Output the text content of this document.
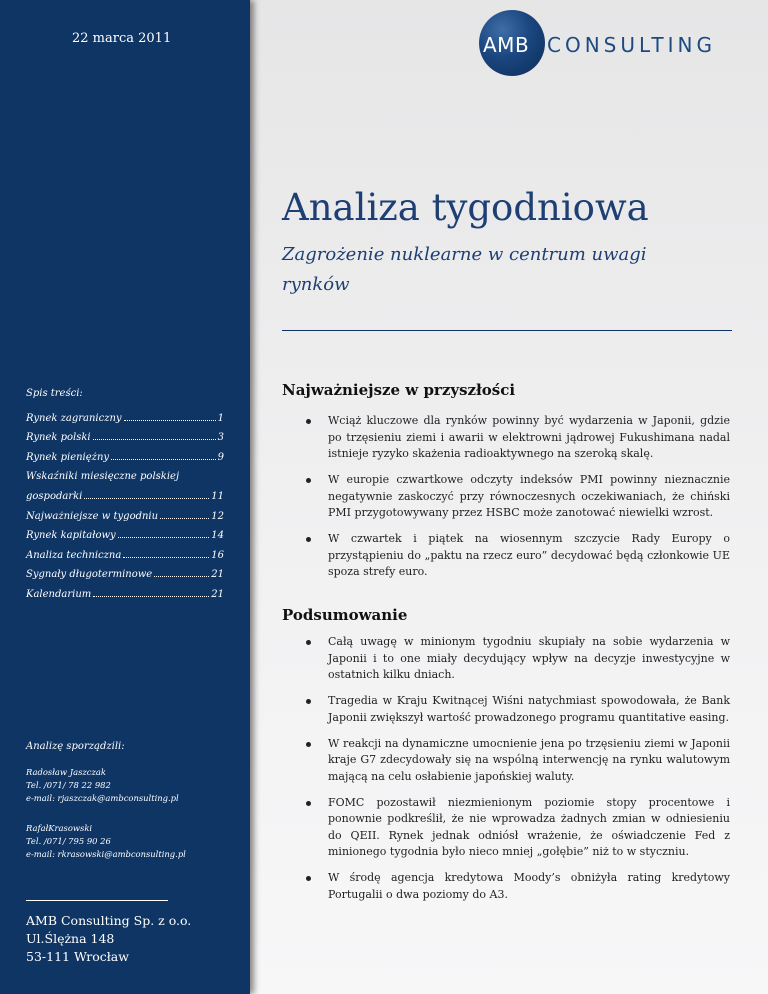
22 marca 2011
Spis treści:
Rynek zagraniczny	1
Rynek polski	3
Rynek pieniężny	9
Wskaźniki miesięczne polskiej
gospodarki	11
Najważniejsze w tygodniu	12
Rynek kapitałowy	14
Analiza techniczna	16
Sygnały długoterminowe	21
Kalendarium	21
Analizę sporządzili:
Radosław Jaszczak
Tel. /071/ 78 22 982
e-mail: rjaszczak@ambconsulting.pl
RafałKrasowski
Tel. /071/ 795 90 26
e-mail: rkrasowski@ambconsulting.pl
AMB Consulting Sp. z o.o.
Ul.Ślężna 148
53-111 Wrocław
AMB CONSULTING
Analiza tygodniowa
Zagrożenie nuklearne w centrum uwagi rynków
Najważniejsze w przyszłości
Wciąż kluczowe dla rynków powinny być wydarzenia w Japonii, gdzie po trzęsieniu ziemi i awarii w elektrowni jądrowej Fukushimana nadal istnieje ryzyko skażenia radioaktywnego na szeroką skalę.
W europie czwartkowe odczyty indeksów PMI powinny nieznacznie negatywnie zaskoczyć przy równoczesnych oczekiwaniach, że chiński PMI przygotowywany przez HSBC może zanotować niewielki wzrost.
W czwartek i piątek na wiosennym szczycie Rady Europy o przystąpieniu do „paktu na rzecz euro” decydować będą członkowie UE spoza strefy euro.
Podsumowanie
Całą uwagę w minionym tygodniu skupiały na sobie wydarzenia w Japonii i to one miały decydujący wpływ na decyzje inwestycyjne w ostatnich kilku dniach.
Tragedia w Kraju Kwitnącej Wiśni natychmiast spowodowała, że Bank Japonii zwiększył wartość prowadzonego programu quantitative easing.
W reakcji na dynamiczne umocnienie jena po trzęsieniu ziemi w Japonii kraje G7 zdecydowały się na wspólną interwencję na rynku walutowym mającą na celu osłabienie japońskiej waluty.
FOMC pozostawił niezmienionym poziomie stopy procentowe i ponownie podkreślił, że nie wprowadza żadnych zmian w odniesieniu do QEII. Rynek jednak odniósł wrażenie, że oświadczenie Fed z minionego tygodnia było nieco mniej „gołębie” niż to w styczniu.
W środę agencja kredytowa Moody’s obniżyła rating kredytowy Portugalii o dwa poziomy do A3.
